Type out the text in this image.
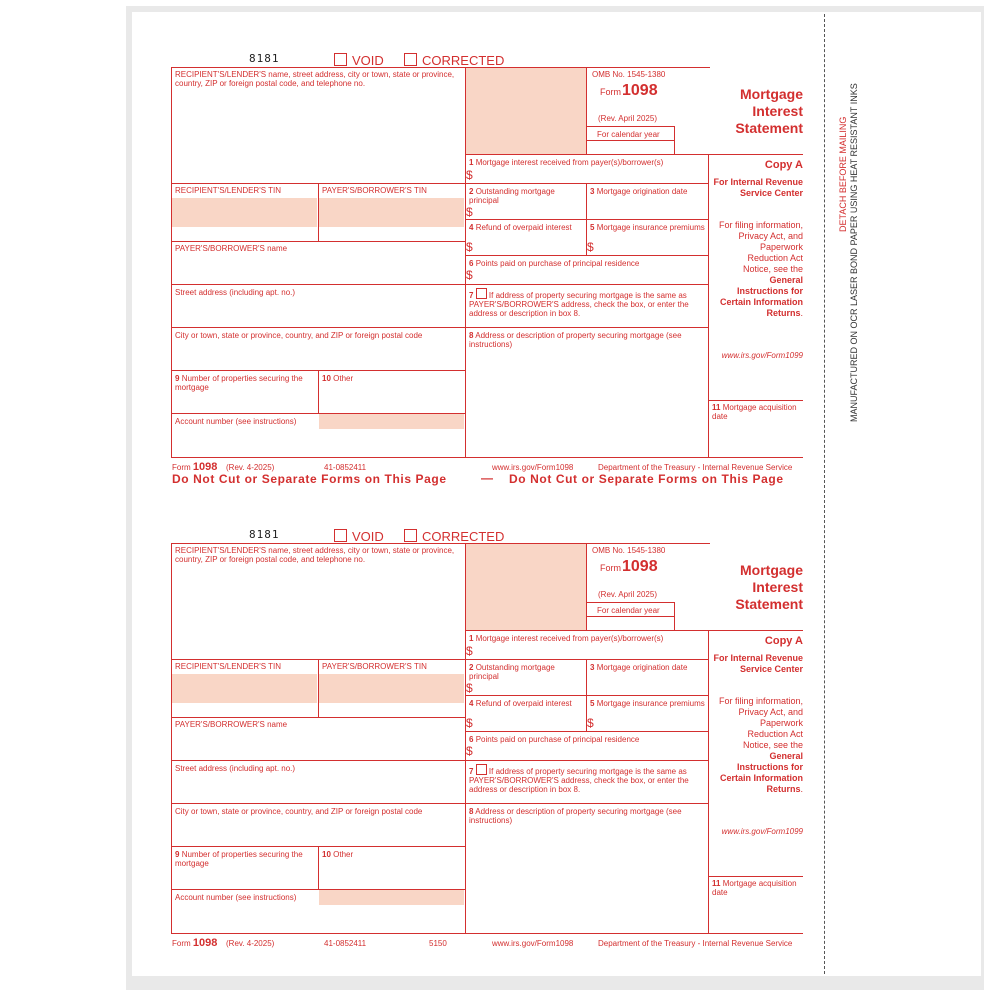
DETACH BEFORE MAILING MANUFACTURED ON OCR LASER BOND PAPER USING HEAT RESISTANT INKS
8181	VOID	CORRECTED
RECIPIENT'S/LENDER'S name, street address, city or town, state or province, country, ZIP or foreign postal code, and telephone no.
RECIPIENT'S/LENDER'S TIN	PAYER'S/BORROWER'S TIN
PAYER'S/BORROWER'S name
Street address (including apt. no.)
City or town, state or province, country, and ZIP or foreign postal code
9 Number of properties securing the mortgage
10 Other
Account number (see instructions)
OMB No. 1545-1380
Form 1098
(Rev. April 2025)
For calendar year
1 Mortgage interest received from payer(s)/borrower(s)
$
2 Outstanding mortgage principal
$
3 Mortgage origination date
4 Refund of overpaid interest
$
5 Mortgage insurance premiums
$
6 Points paid on purchase of principal residence
$
7 If address of property securing mortgage is the same as PAYER'S/BORROWER'S address, check the box, or enter the address or description in box 8.
8 Address or description of property securing mortgage (see instructions)
Mortgage Interest Statement
Copy A
For Internal Revenue Service Center
For filing information, Privacy Act, and Paperwork Reduction Act Notice, see the General Instructions for Certain Information Returns.
www.irs.gov/Form1099
11 Mortgage acquisition date
Form 1098 (Rev. 4-2025)	41-0852411	www.irs.gov/Form1098	Department of the Treasury - Internal Revenue Service
Do Not Cut or Separate Forms on This Page	— Do Not Cut or Separate Forms on This Page
8181	VOID	CORRECTED
RECIPIENT'S/LENDER'S name, street address, city or town, state or province, country, ZIP or foreign postal code, and telephone no.
RECIPIENT'S/LENDER'S TIN	PAYER'S/BORROWER'S TIN
PAYER'S/BORROWER'S name
Street address (including apt. no.)
City or town, state or province, country, and ZIP or foreign postal code
9 Number of properties securing the mortgage
10 Other
Account number (see instructions)
OMB No. 1545-1380
Form 1098
(Rev. April 2025)
For calendar year
1 Mortgage interest received from payer(s)/borrower(s)
$
2 Outstanding mortgage principal
$
3 Mortgage origination date
4 Refund of overpaid interest
$
5 Mortgage insurance premiums
$
6 Points paid on purchase of principal residence
$
7 If address of property securing mortgage is the same as PAYER'S/BORROWER'S address, check the box, or enter the address or description in box 8.
8 Address or description of property securing mortgage (see instructions)
Mortgage Interest Statement
Copy A
For Internal Revenue Service Center
For filing information, Privacy Act, and Paperwork Reduction Act Notice, see the General Instructions for Certain Information Returns.
www.irs.gov/Form1099
11 Mortgage acquisition date
Form 1098 (Rev. 4-2025)	41-0852411	5150	www.irs.gov/Form1098	Department of the Treasury - Internal Revenue Service
